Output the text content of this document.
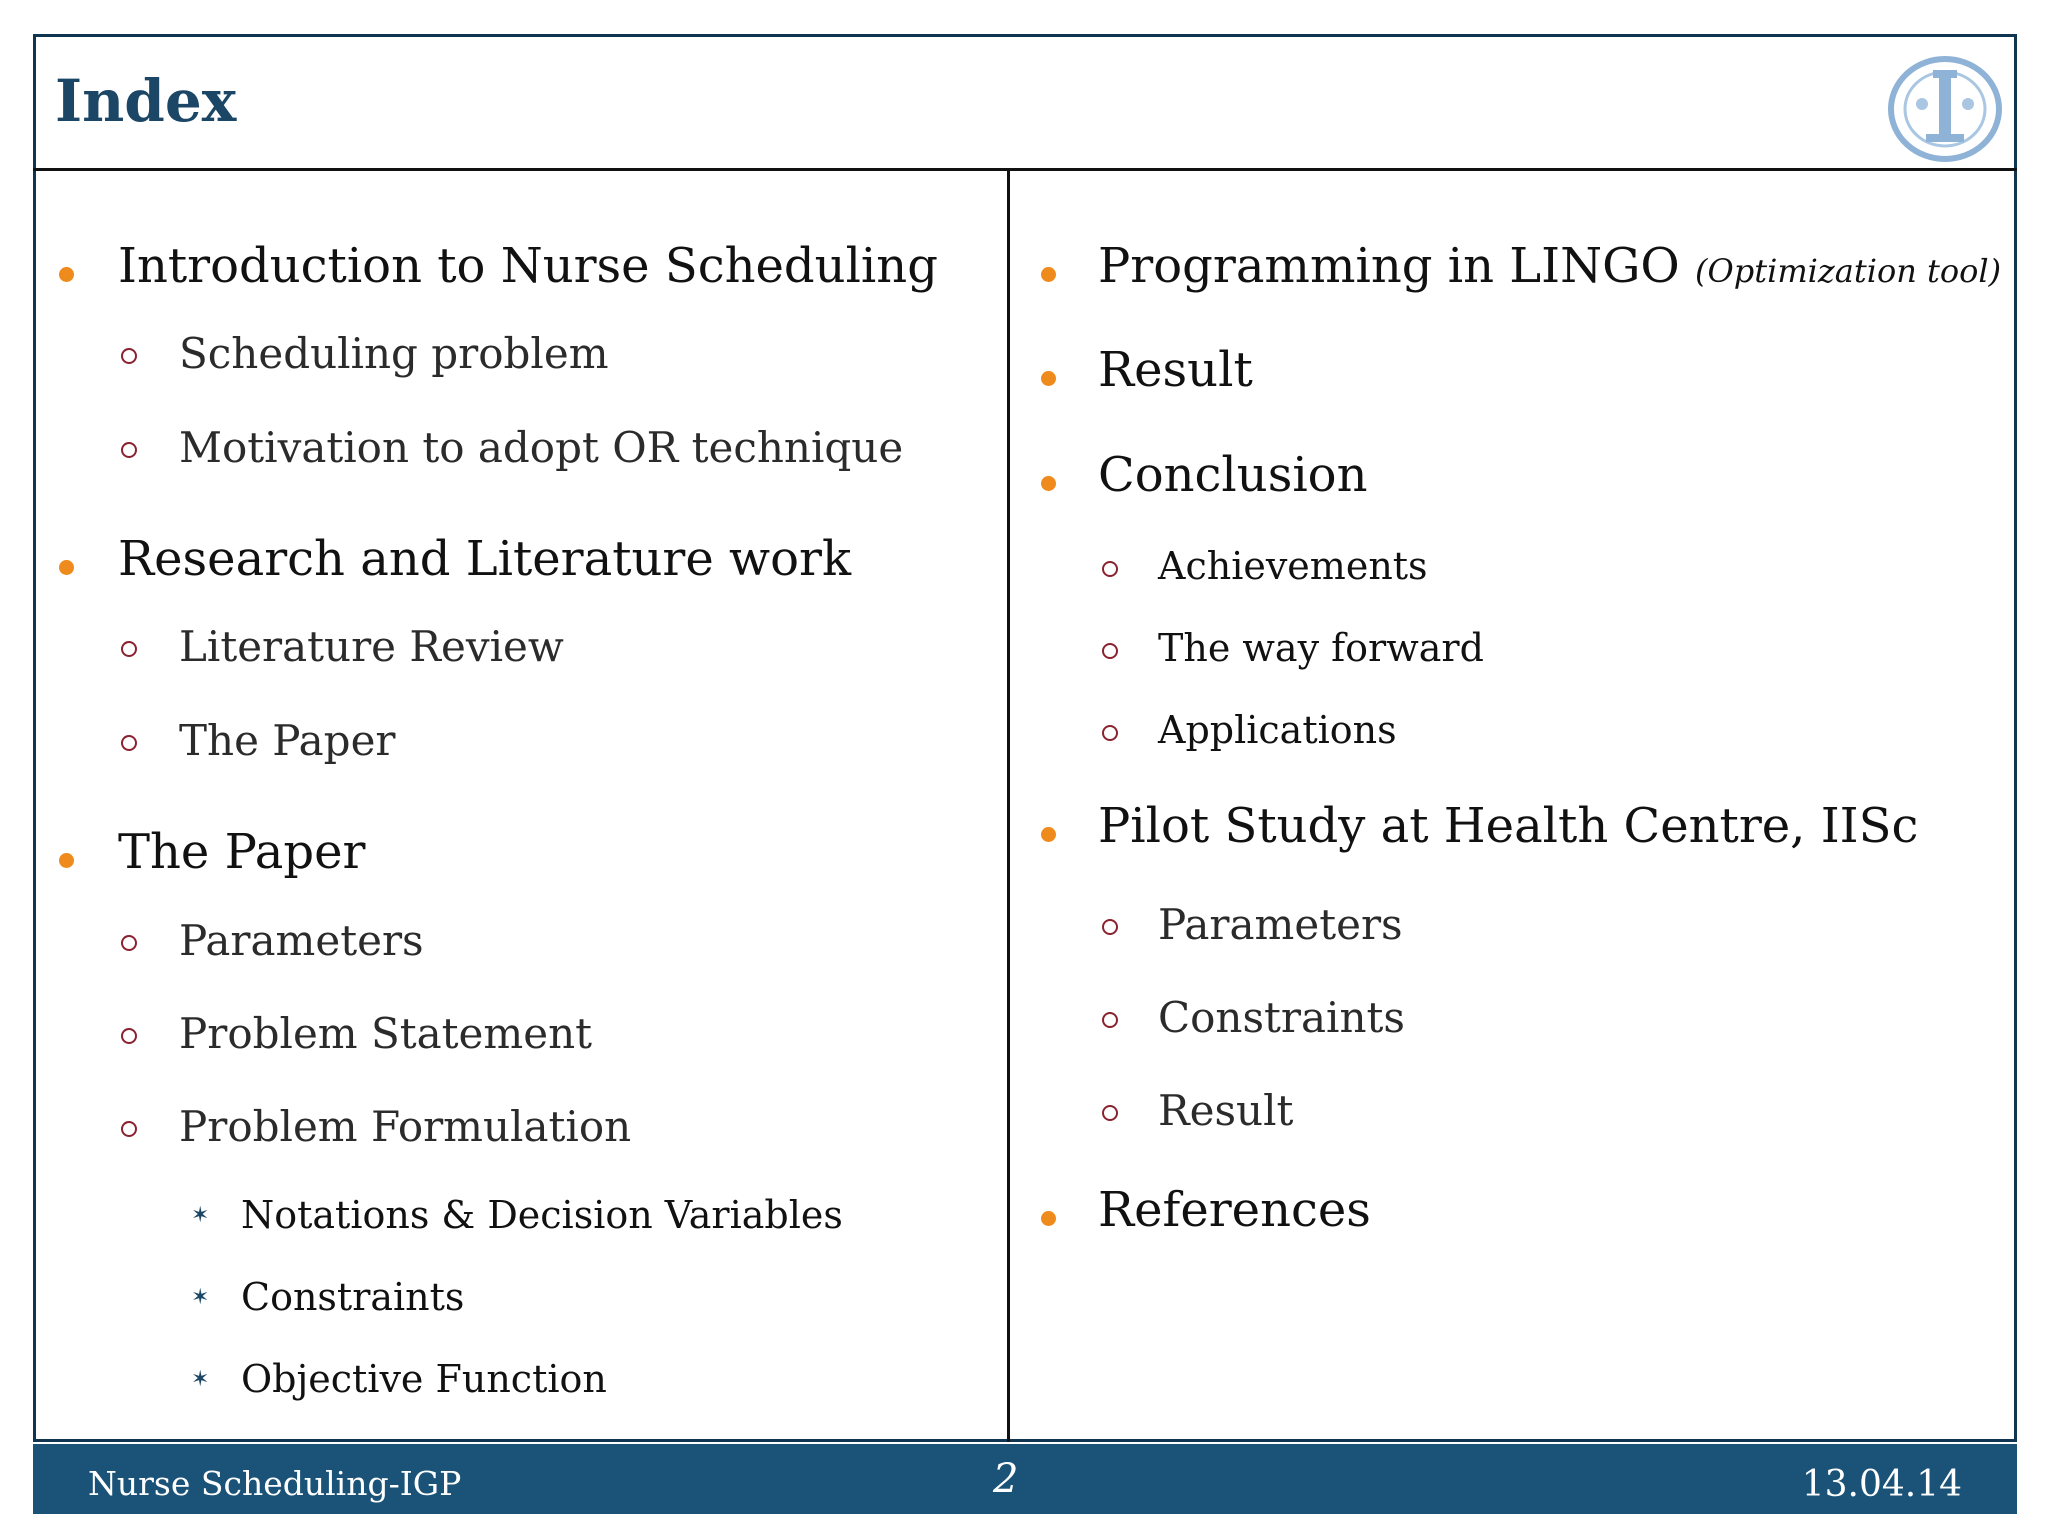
Index
Introduction to Nurse Scheduling
Scheduling problem
Motivation to adopt OR technique
Research and Literature work
Literature Review
The Paper
The Paper
Parameters
Problem Statement
Problem Formulation
✶ Notations & Decision Variables
✶ Constraints
✶ Objective Function
Programming in LINGO (Optimization tool)
Result
Conclusion
Achievements
The way forward
Applications
Pilot Study at Health Centre, IISc
Parameters
Constraints
Result
References
Nurse Scheduling-IGP	2	13.04.14
